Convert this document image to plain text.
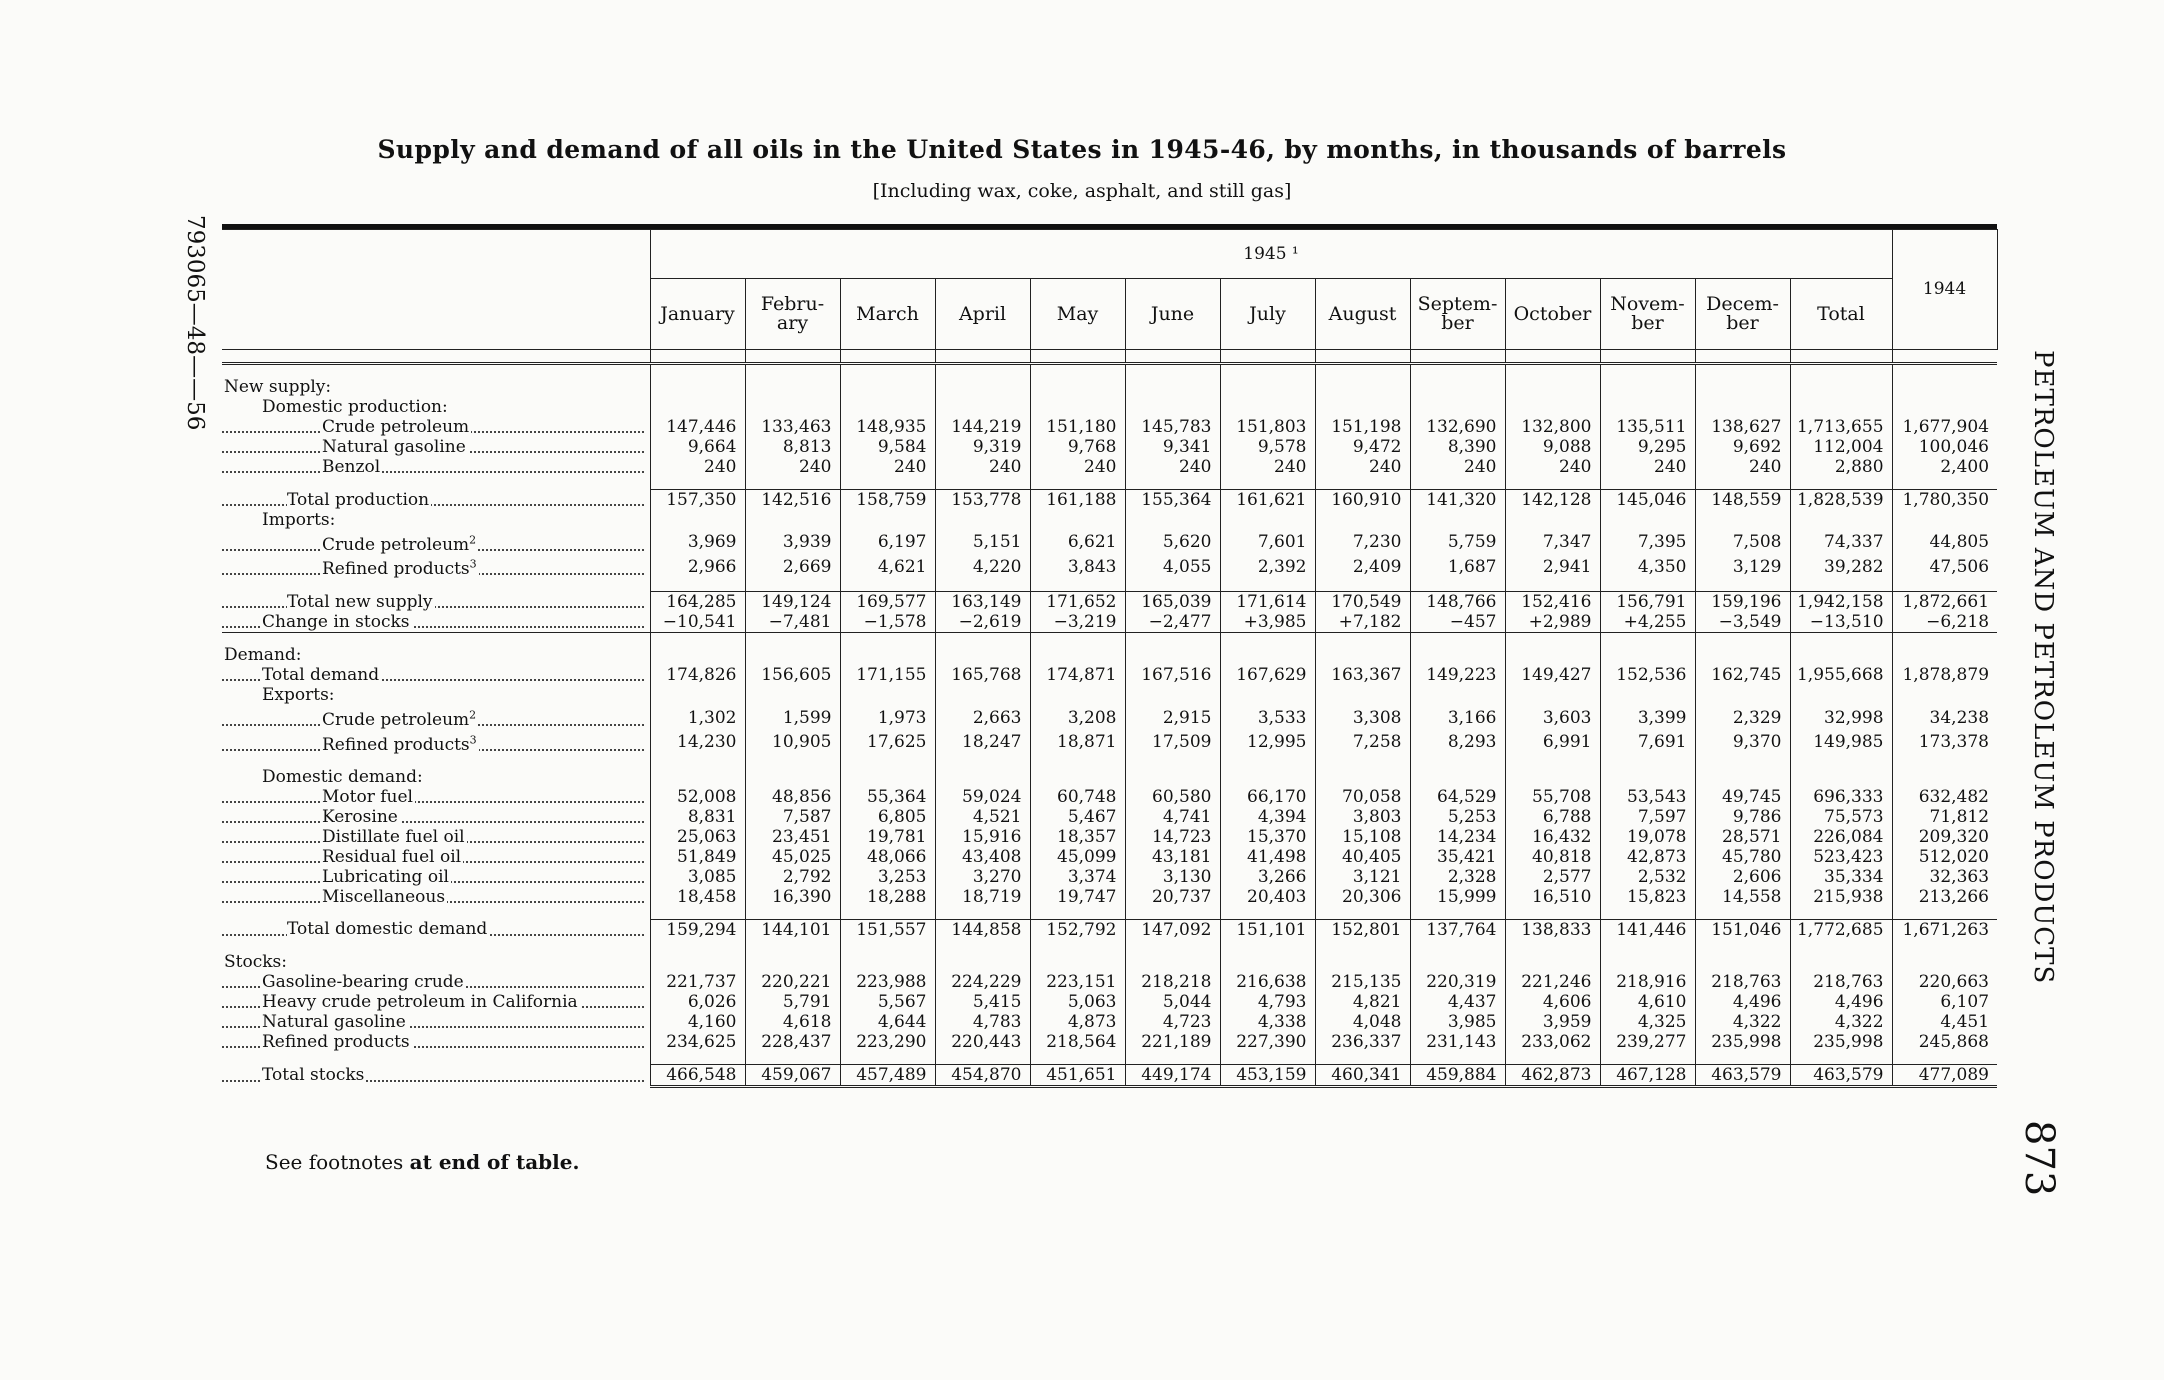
Supply and demand of all oils in the United States in 1945-46, by months, in thousands of barrels
[Including wax, coke, asphalt, and still gas]
793065—48——56
PETROLEUM AND PETROLEUM PRODUCTS
873
	1945 ¹													1944
	January	Febru- ary	March	April	May	June	July	August	Septem- ber	October	Novem- ber	Decem- ber	Total	

New supply:														
Domestic production:														
Crude petroleum	147,446	133,463	148,935	144,219	151,180	145,783	151,803	151,198	132,690	132,800	135,511	138,627	1,713,655	1,677,904
Natural gasoline	9,664	8,813	9,584	9,319	9,768	9,341	9,578	9,472	8,390	9,088	9,295	9,692	112,004	100,046
Benzol	240	240	240	240	240	240	240	240	240	240	240	240	2,880	2,400

Total production	157,350	142,516	158,759	153,778	161,188	155,364	161,621	160,910	141,320	142,128	145,046	148,559	1,828,539	1,780,350
Imports:														
Crude petroleum$^2$	3,969	3,939	6,197	5,151	6,621	5,620	7,601	7,230	5,759	7,347	7,395	7,508	74,337	44,805
Refined products$^3$	2,966	2,669	4,621	4,220	3,843	4,055	2,392	2,409	1,687	2,941	4,350	3,129	39,282	47,506

Total new supply	164,285	149,124	169,577	163,149	171,652	165,039	171,614	170,549	148,766	152,416	156,791	159,196	1,942,158	1,872,661
Change in stocks	−10,541	−7,481	−1,578	−2,619	−3,219	−2,477	+3,985	+7,182	−457	+2,989	+4,255	−3,549	−13,510	−6,218

Demand:														
Total demand	174,826	156,605	171,155	165,768	174,871	167,516	167,629	163,367	149,223	149,427	152,536	162,745	1,955,668	1,878,879
Exports:														
Crude petroleum$^2$	1,302	1,599	1,973	2,663	3,208	2,915	3,533	3,308	3,166	3,603	3,399	2,329	32,998	34,238
Refined products$^3$	14,230	10,905	17,625	18,247	18,871	17,509	12,995	7,258	8,293	6,991	7,691	9,370	149,985	173,378

Domestic demand:														
Motor fuel	52,008	48,856	55,364	59,024	60,748	60,580	66,170	70,058	64,529	55,708	53,543	49,745	696,333	632,482
Kerosine	8,831	7,587	6,805	4,521	5,467	4,741	4,394	3,803	5,253	6,788	7,597	9,786	75,573	71,812
Distillate fuel oil	25,063	23,451	19,781	15,916	18,357	14,723	15,370	15,108	14,234	16,432	19,078	28,571	226,084	209,320
Residual fuel oil	51,849	45,025	48,066	43,408	45,099	43,181	41,498	40,405	35,421	40,818	42,873	45,780	523,423	512,020
Lubricating oil	3,085	2,792	3,253	3,270	3,374	3,130	3,266	3,121	2,328	2,577	2,532	2,606	35,334	32,363
Miscellaneous	18,458	16,390	18,288	18,719	19,747	20,737	20,403	20,306	15,999	16,510	15,823	14,558	215,938	213,266

Total domestic demand	159,294	144,101	151,557	144,858	152,792	147,092	151,101	152,801	137,764	138,833	141,446	151,046	1,772,685	1,671,263

Stocks:														
Gasoline-bearing crude	221,737	220,221	223,988	224,229	223,151	218,218	216,638	215,135	220,319	221,246	218,916	218,763	218,763	220,663
Heavy crude petroleum in California	6,026	5,791	5,567	5,415	5,063	5,044	4,793	4,821	4,437	4,606	4,610	4,496	4,496	6,107
Natural gasoline	4,160	4,618	4,644	4,783	4,873	4,723	4,338	4,048	3,985	3,959	4,325	4,322	4,322	4,451
Refined products	234,625	228,437	223,290	220,443	218,564	221,189	227,390	236,337	231,143	233,062	239,277	235,998	235,998	245,868

Total stocks	466,548	459,067	457,489	454,870	451,651	449,174	453,159	460,341	459,884	462,873	467,128	463,579	463,579	477,089
See footnotes at end of table.
